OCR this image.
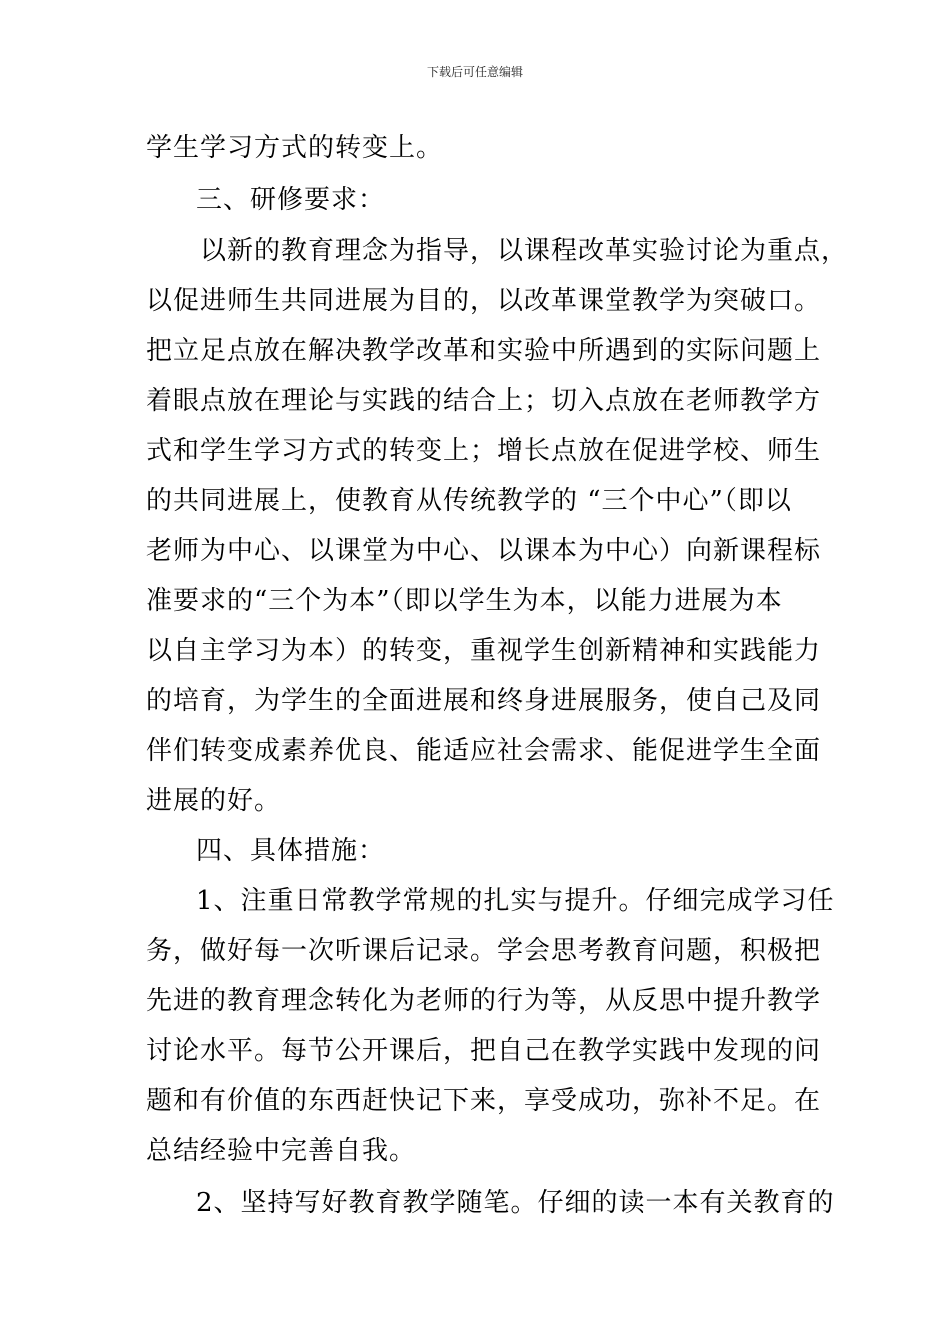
下载后可任意编辑
学生学习方式的转变上。
三、研修要求：
以新的教育理念为指导，以课程改革实验讨论为重点，
以促进师生共同进展为目的，以改革课堂教学为突破口。
把立足点放在解决教学改革和实验中所遇到的实际问题上
着眼点放在理论与实践的结合上；切入点放在老师教学方
式和学生学习方式的转变上；增长点放在促进学校、师生
的共同进展上，使教育从传统教学的 “三个中心”（即以
老师为中心、以课堂为中心、以课本为中心）向新课程标
准要求的“三个为本”（即以学生为本，以能力进展为本
以自主学习为本）的转变，重视学生创新精神和实践能力
的培育，为学生的全面进展和终身进展服务，使自己及同
伴们转变成素养优良、能适应社会需求、能促进学生全面
进展的好。
四、具体措施：
1、注重日常教学常规的扎实与提升。仔细完成学习任
务，做好每一次听课后记录。学会思考教育问题，积极把
先进的教育理念转化为老师的行为等，从反思中提升教学
讨论水平。每节公开课后，把自己在教学实践中发现的问
题和有价值的东西赶快记下来，享受成功，弥补不足。在
总结经验中完善自我。
2、坚持写好教育教学随笔。仔细的读一本有关教育的
